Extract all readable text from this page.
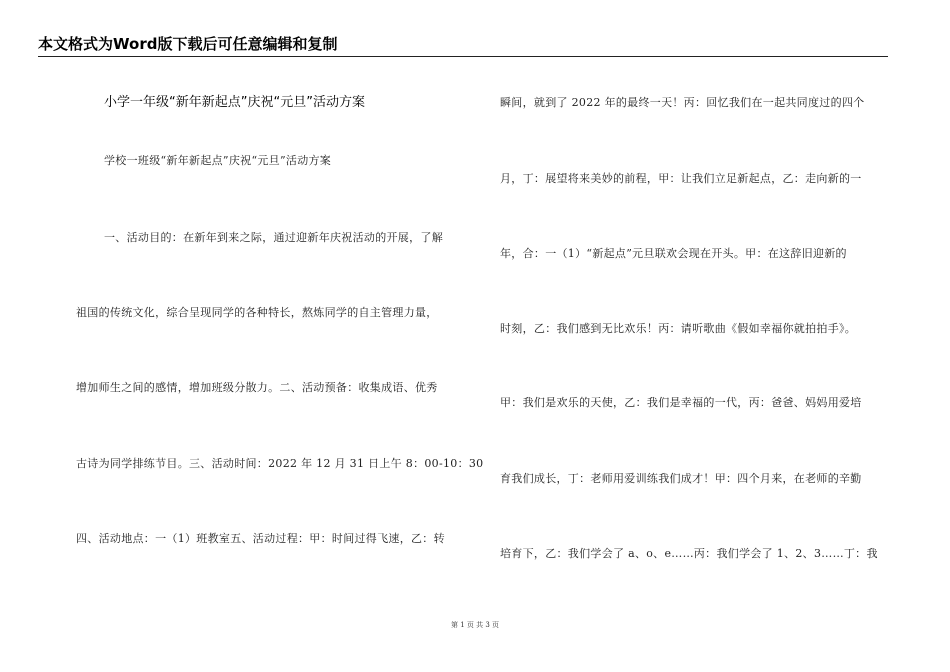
本文格式为Word版下载后可任意编辑和复制
小学一年级“新年新起点”庆祝“元旦”活动方案
学校一班级“新年新起点”庆祝“元旦”活动方案
一、活动目的：在新年到来之际，通过迎新年庆祝活动的开展，了解
祖国的传统文化，综合呈现同学的各种特长，熬炼同学的自主管理力量，
增加师生之间的感情，增加班级分散力。二、活动预备：收集成语、优秀
古诗为同学排练节目。三、活动时间：2022 年 12 月 31 日上午 8：00-10：30
四、活动地点：一（1）班教室五、活动过程：甲：时间过得飞速，乙：转
瞬间，就到了 2022 年的最终一天！丙：回忆我们在一起共同度过的四个
月，丁：展望将来美妙的前程，甲：让我们立足新起点，乙：走向新的一
年，合：一（1）“新起点”元旦联欢会现在开头。甲：在这辞旧迎新的
时刻，乙：我们感到无比欢乐！丙：请听歌曲《假如幸福你就拍拍手》。
甲：我们是欢乐的天使，乙：我们是幸福的一代，丙：爸爸、妈妈用爱培
育我们成长，丁：老师用爱训练我们成才！甲：四个月来，在老师的辛勤
培育下，乙：我们学会了 a、o、e……丙：我们学会了 1、2、3……丁：我
第 1 页 共 3 页
